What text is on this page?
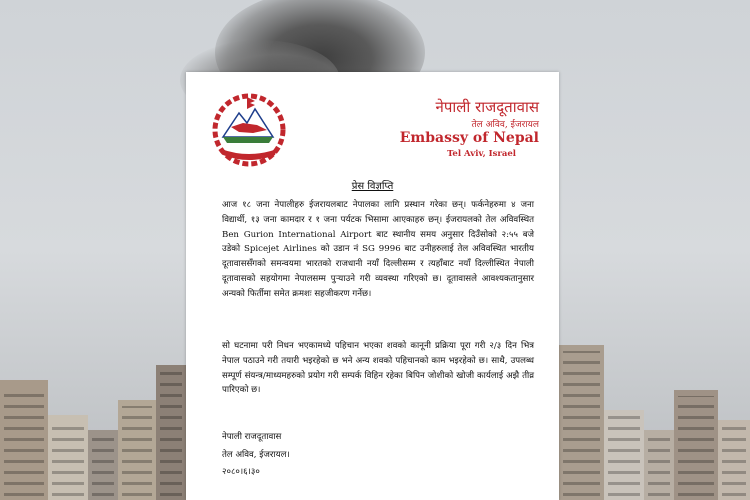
नेपाली राजदूतावास
तेल अविव, ईजरायल
Embassy of Nepal
Tel Aviv, Israel
प्रेस विज्ञप्ति
आज १८ जना नेपालीहरु ईजरायलबाट नेपालका लागि प्रस्थान गरेका छन्। फर्कनेहरुमा ४ जना विद्यार्थी, १३ जना कामदार र १ जना पर्यटक भिसामा आएकाहरु छन्। ईजरायलको तेल अविवस्थित Ben Gurion International Airport बाट स्थानीय समय अनुसार दिउँसोको २:५५ बजे उडेको Spicejet Airlines को उडान नं SG 9996 बाट उनीहरुलाई तेल अविवस्थित भारतीय दूतावाससँगको समन्वयमा भारतको राजधानी नयाँ दिल्लीसम्म र त्यहाँबाट नयाँ दिल्लीस्थित नेपाली दूतावासको सहयोगमा नेपालसम्म पुर्‍याउने गरी व्यवस्था गरिएको छ। दूतावासले आवश्यकतानुसार अन्यको फिर्तीमा समेत क्रमशः सहजीकरण गर्नेछ।
सो घटनामा परी निधन भएकामध्ये पहिचान भएका शवको कानूनी प्रक्रिया पूरा गरी २/३ दिन भित्र नेपाल पठाउने गरी तयारी भइरहेको छ भने अन्य शवको पहिचानको काम भइरहेको छ। साथै, उपलब्ध सम्पूर्ण संयन्त्र/माध्यमहरुको प्रयोग गरी सम्पर्क विहिन रहेका बिपिन जोशीको खोजी कार्यलाई अझै तीव्र पारिएको छ।
नेपाली राजदूतावास
तेल अविव, ईजरायल।
२०८०।६।३०
